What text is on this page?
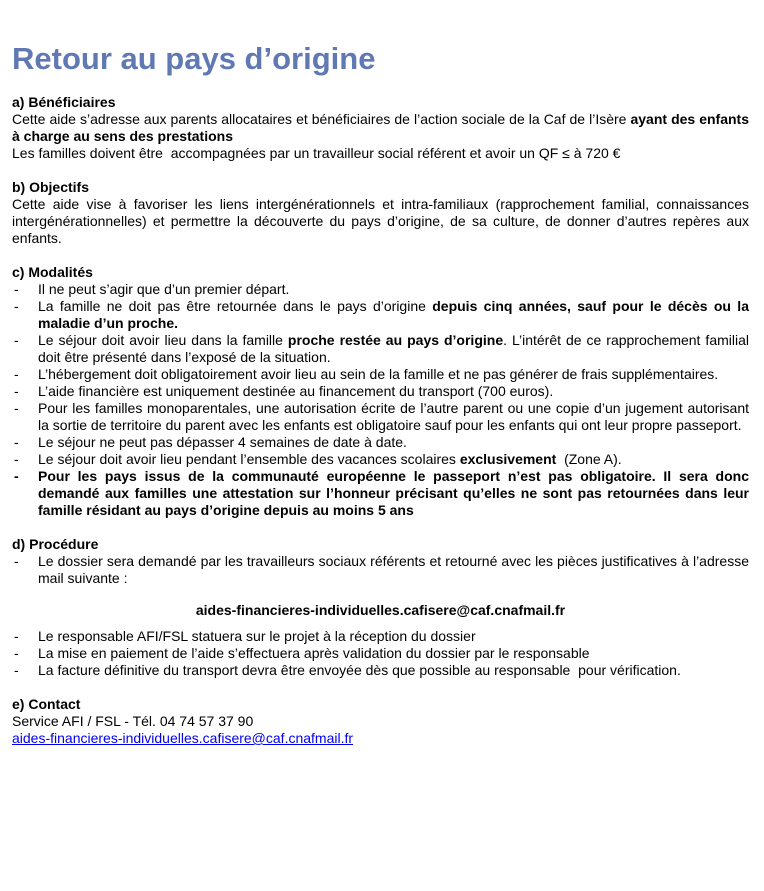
Retour au pays d’origine
a) Bénéficiaires

Cette aide s’adresse aux parents allocataires et bénéficiaires de l’action sociale de la Caf de l’Isère ayant des enfants à charge au sens des prestations

Les familles doivent être  accompagnées par un travailleur social référent et avoir un QF ≤ à 720 €

b) Objectifs

Cette aide vise à favoriser les liens intergénérationnels et intra-familiaux (rapprochement familial, connaissances intergénérationnelles) et permettre la découverte du pays d’origine, de sa culture, de donner d’autres repères aux enfants.

c) Modalités
- Il ne peut s’agir que d’un premier départ.
- La famille ne doit pas être retournée dans le pays d’origine depuis cinq années, sauf pour le décès ou la maladie d’un proche.
- Le séjour doit avoir lieu dans la famille proche restée au pays d’origine. L’intérêt de ce rapprochement familial doit être présenté dans l’exposé de la situation.
- L’hébergement doit obligatoirement avoir lieu au sein de la famille et ne pas générer de frais supplémentaires.
- L’aide financière est uniquement destinée au financement du transport (700 euros).
- Pour les familles monoparentales, une autorisation écrite de l’autre parent ou une copie d’un jugement autorisant la sortie de territoire du parent avec les enfants est obligatoire sauf pour les enfants qui ont leur propre passeport.
- Le séjour ne peut pas dépasser 4 semaines de date à date.
- Le séjour doit avoir lieu pendant l’ensemble des vacances scolaires exclusivement  (Zone A).
- Pour les pays issus de la communauté européenne le passeport n’est pas obligatoire. Il sera donc demandé aux familles une attestation sur l’honneur précisant qu’elles ne sont pas retournées dans leur famille résidant au pays d’origine depuis au moins 5 ans
d) Procédure
- Le dossier sera demandé par les travailleurs sociaux référents et retourné avec les pièces justificatives à l’adresse mail suivante :

aides-financieres-individuelles.cafisere@caf.cnafmail.fr

- Le responsable AFI/FSL statuera sur le projet à la réception du dossier
- La mise en paiement de l’aide s’effectuera après validation du dossier par le responsable
- La facture définitive du transport devra être envoyée dès que possible au responsable  pour vérification.
e) Contact

Service AFI / FSL - Tél. 04 74 57 37 90

aides-financieres-individuelles.cafisere@caf.cnafmail.fr
